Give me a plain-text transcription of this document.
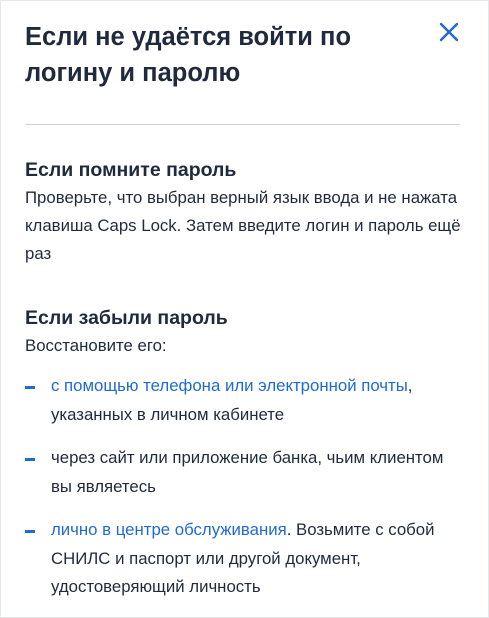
Если не удаётся войти по логину и паролю
Если помните пароль

Проверьте, что выбран верный язык ввода и не нажата клавиша Caps Lock. Затем введите логин и пароль ещё раз

Если забыли пароль

Восстановите его:

с помощью телефона или электронной почты, указанных в личном кабинете
через сайт или приложение банка, чьим клиентом вы являетесь
лично в центре обслуживания. Возьмите с собой СНИЛС и паспорт или другой документ, удостоверяющий личность
